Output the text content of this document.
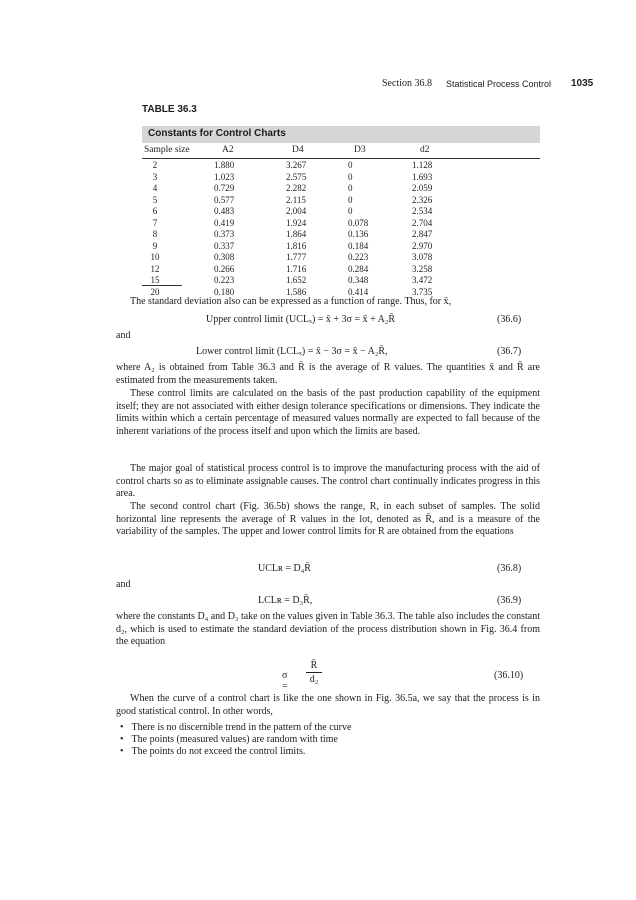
Section 36.8 Statistical Process Control 1035
TABLE 36.3
Constants for Control Charts
Sample size	A2	D4	D3	d2
2	1.880	3.267	0	1.128
3	1.023	2.575	0	1.693
4	0.729	2.282	0	2.059
5	0.577	2.115	0	2.326
6	0.483	2.004	0	2.534
7	0.419	1.924	0.078	2.704
8	0.373	1.864	0.136	2.847
9	0.337	1.816	0.184	2.970
10	0.308	1.777	0.223	3.078
12	0.266	1.716	0.284	3.258
15	0.223	1.652	0.348	3.472
20	0.180	1.586	0.414	3.735
The standard deviation also can be expressed as a function of range. Thus, for x̄,
Upper control limit (UCLₓ) = x̄ + 3σ = x̄̄ + A₂R̄	(36.6)
and
Lower control limit (LCLₓ) = x̄ − 3σ = x̄̄ − A₂R̄,	(36.7)
where A₂ is obtained from Table 36.3 and R̄ is the average of R values. The quantities x̄ and R̄ are estimated from the measurements taken.
These control limits are calculated on the basis of the past production capability of the equipment itself; they are not associated with either design tolerance specifications or dimensions. They indicate the limits within which a certain percentage of measured values normally are expected to fall because of the inherent variations of the process itself and upon which the limits are based.
The major goal of statistical process control is to improve the manufacturing process with the aid of control charts so as to eliminate assignable causes. The control chart continually indicates progress in this area.
The second control chart (Fig. 36.5b) shows the range, R, in each subset of samples. The solid horizontal line represents the average of R values in the lot, denoted as R̄, and is a measure of the variability of the samples. The upper and lower control limits for R are obtained from the equations
UCLʀ = D₄R̄	(36.8)
and
LCLʀ = D₃R̄,	(36.9)
where the constants D₄ and D₃ take on the values given in Table 36.3. The table also includes the constant d₂, which is used to estimate the standard deviation of the process distribution shown in Fig. 36.4 from the equation
σ =
R̄
d₂	(36.10)
When the curve of a control chart is like the one shown in Fig. 36.5a, we say that the process is in good statistical control. In other words,
• There is no discernible trend in the pattern of the curve
• The points (measured values) are random with time
• The points do not exceed the control limits.
